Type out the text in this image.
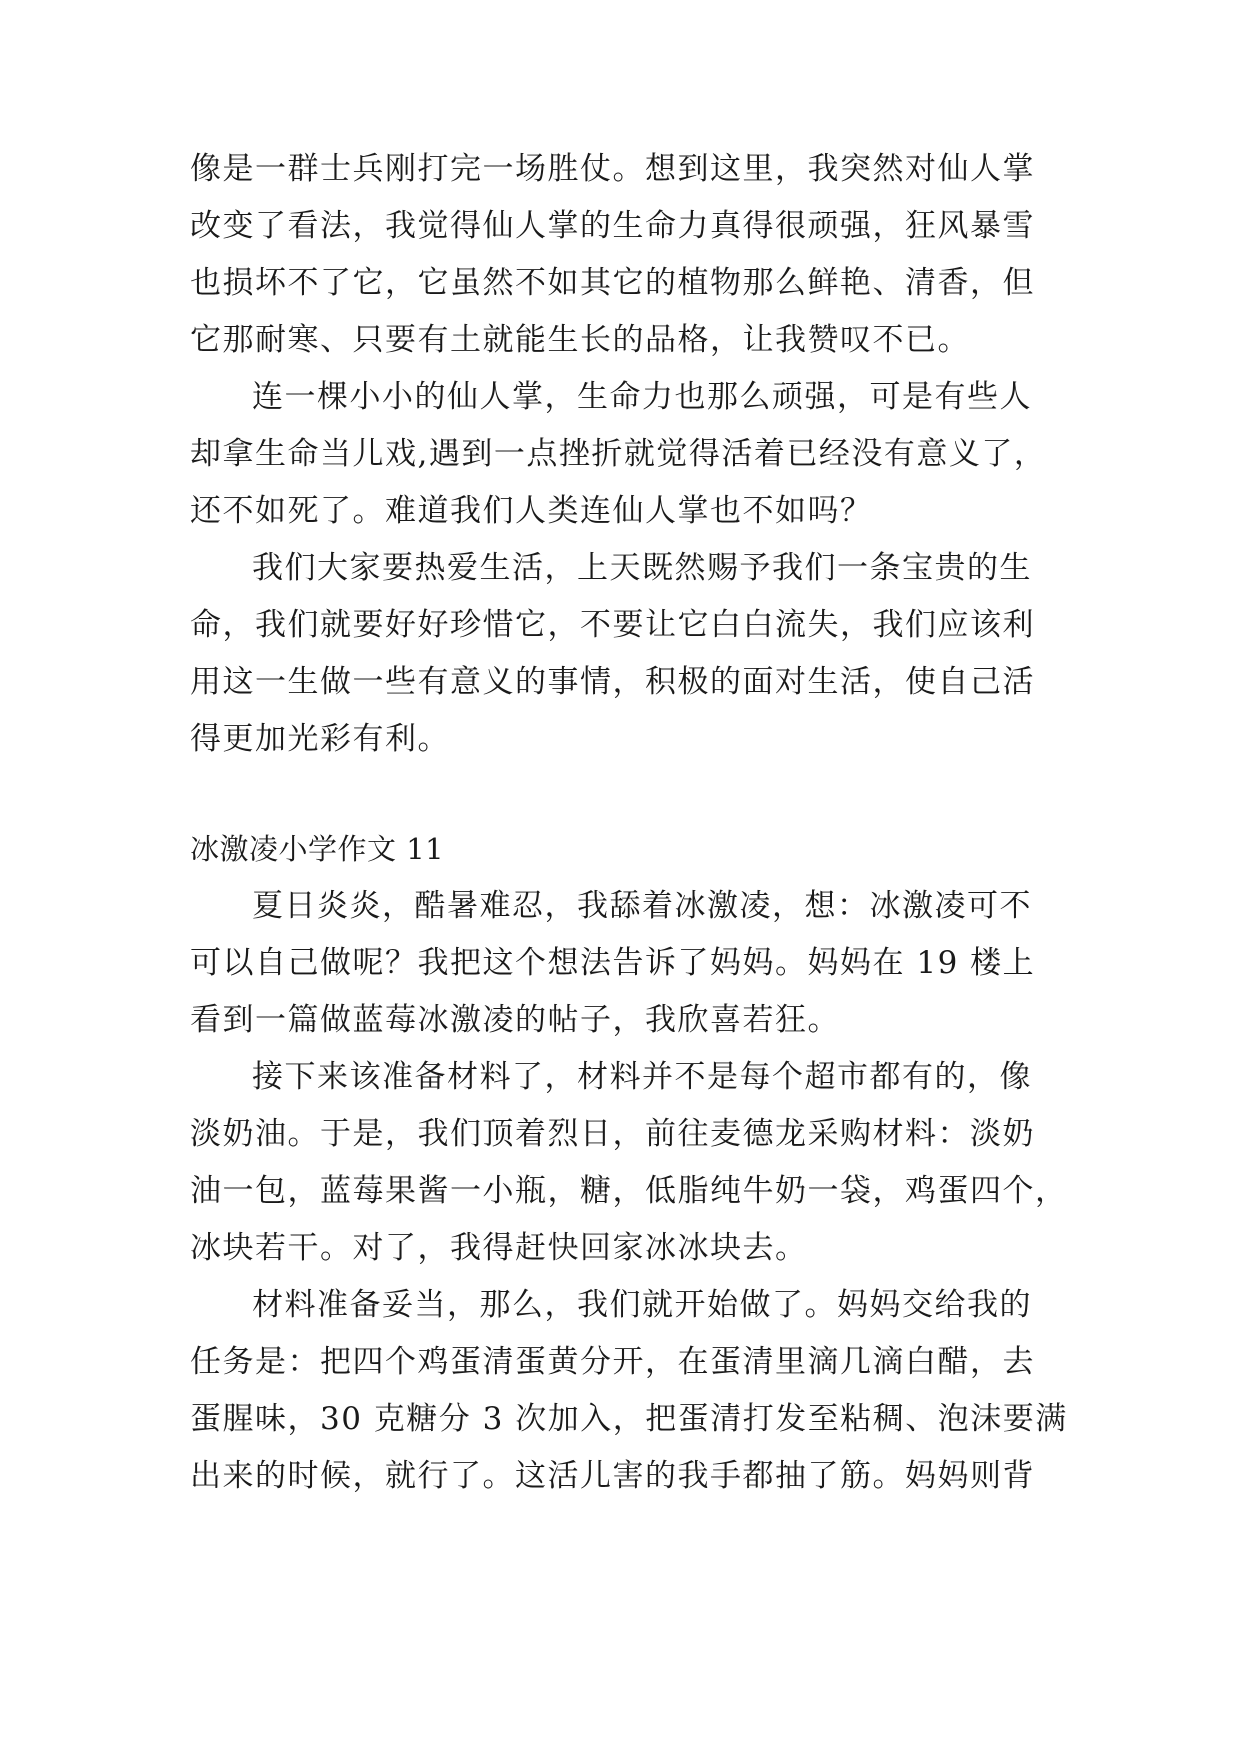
像是一群士兵刚打完一场胜仗。想到这里，我突然对仙人掌
改变了看法，我觉得仙人掌的生命力真得很顽强，狂风暴雪
也损坏不了它，它虽然不如其它的植物那么鲜艳、清香，但
它那耐寒、只要有土就能生长的品格，让我赞叹不已。
连一棵小小的仙人掌，生命力也那么顽强，可是有些人
却拿生命当儿戏,遇到一点挫折就觉得活着已经没有意义了，
还不如死了。难道我们人类连仙人掌也不如吗？
我们大家要热爱生活，上天既然赐予我们一条宝贵的生
命，我们就要好好珍惜它，不要让它白白流失，我们应该利
用这一生做一些有意义的事情，积极的面对生活，使自己活
得更加光彩有利。
冰激凌小学作文 11
夏日炎炎，酷暑难忍，我舔着冰激凌，想：冰激凌可不
可以自己做呢？我把这个想法告诉了妈妈。妈妈在 19 楼上
看到一篇做蓝莓冰激凌的帖子，我欣喜若狂。
接下来该准备材料了，材料并不是每个超市都有的，像
淡奶油。于是，我们顶着烈日，前往麦德龙采购材料：淡奶
油一包，蓝莓果酱一小瓶，糖，低脂纯牛奶一袋，鸡蛋四个，
冰块若干。对了，我得赶快回家冰冰块去。
材料准备妥当，那么，我们就开始做了。妈妈交给我的
任务是：把四个鸡蛋清蛋黄分开，在蛋清里滴几滴白醋，去
蛋腥味，30 克糖分 3 次加入，把蛋清打发至粘稠、泡沫要满
出来的时候，就行了。这活儿害的我手都抽了筋。妈妈则背
